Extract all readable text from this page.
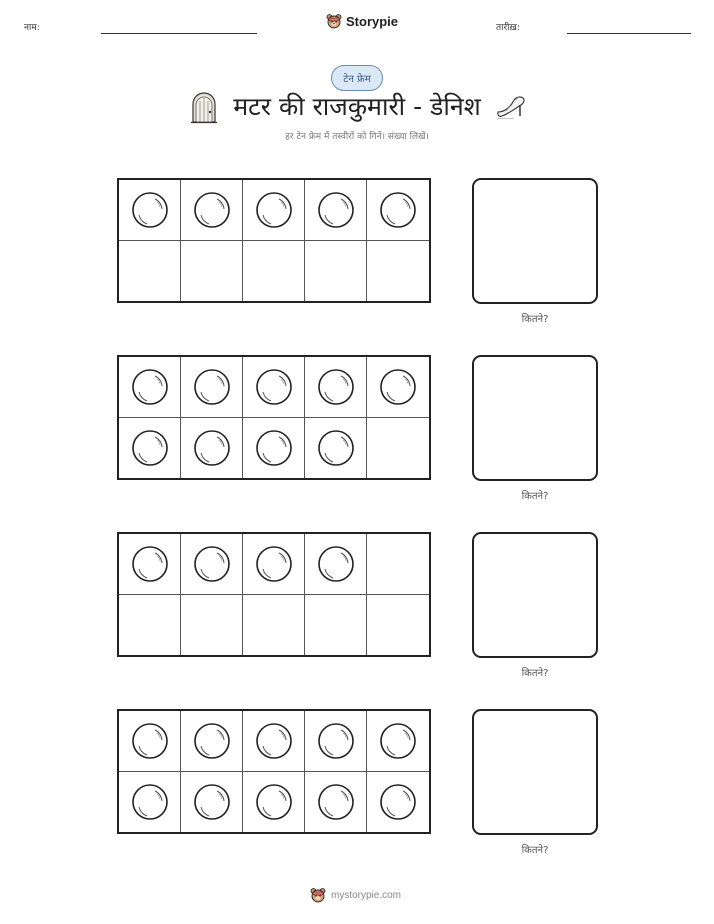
नाम:	Storypie	तारीख़:
टेन फ्रेम
मटर की राजकुमारी - डेनिश
हर टेन फ्रेम में तस्वीरों को गिनें। संख्या लिखें।
कितने?
कितने?
कितने?
कितने?
mystorypie.com
